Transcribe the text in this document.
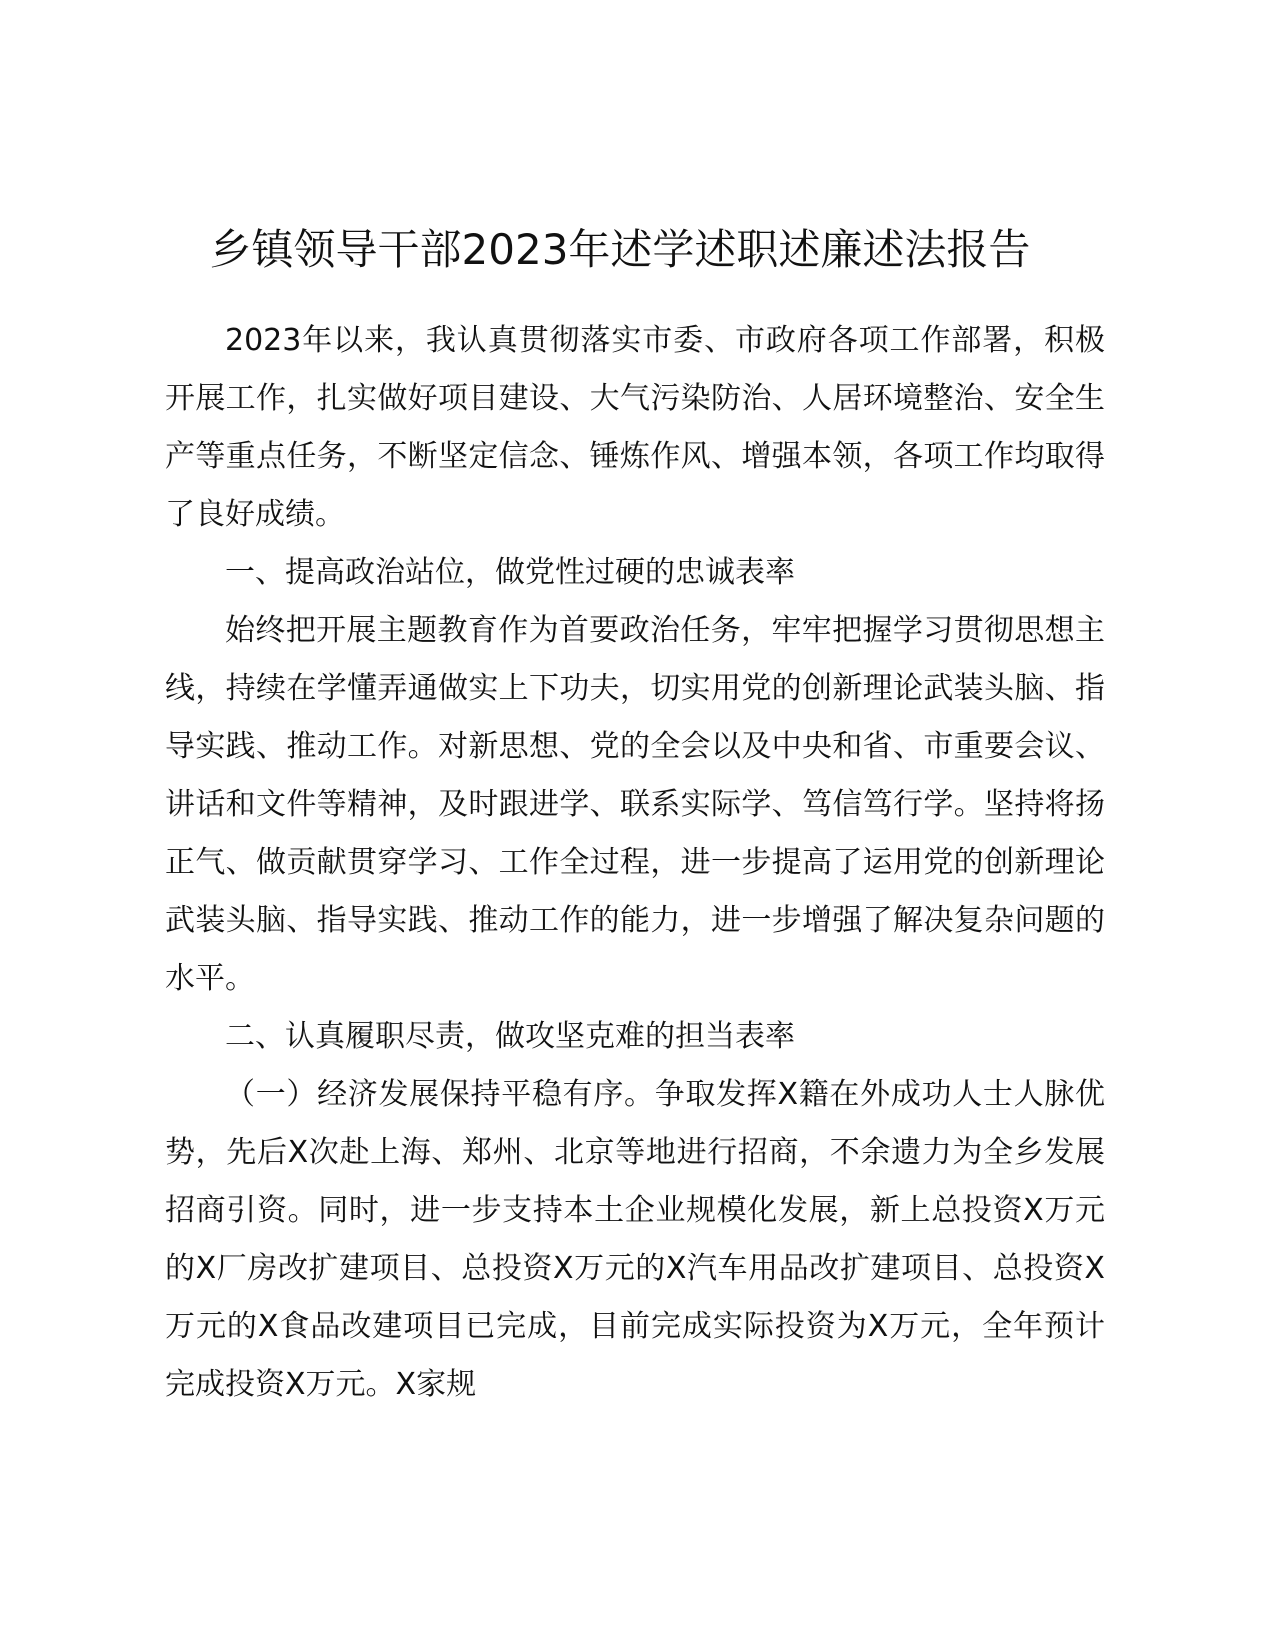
乡镇领导干部2023年述学述职述廉述法报告

2023年以来，我认真贯彻落实市委、市政府各项工作部署，积极开展工作，扎实做好项目建设、大气污染防治、人居环境整治、安全生产等重点任务，不断坚定信念、锤炼作风、增强本领，各项工作均取得了良好成绩。

一、提高政治站位，做党性过硬的忠诚表率

始终把开展主题教育作为首要政治任务，牢牢把握学习贯彻思想主线，持续在学懂弄通做实上下功夫，切实用党的创新理论武装头脑、指导实践、推动工作。对新思想、党的全会以及中央和省、市重要会议、讲话和文件等精神，及时跟进学、联系实际学、笃信笃行学。坚持将扬正气、做贡献贯穿学习、工作全过程，进一步提高了运用党的创新理论武装头脑、指导实践、推动工作的能力，进一步增强了解决复杂问题的水平。

二、认真履职尽责，做攻坚克难的担当表率

（一）经济发展保持平稳有序。争取发挥X籍在外成功人士人脉优势，先后X次赴上海、郑州、北京等地进行招商，不余遗力为全乡发展招商引资。同时，进一步支持本土企业规模化发展，新上总投资X万元的X厂房改扩建项目、总投资X万元的X汽车用品改扩建项目、总投资X万元的X食品改建项目已完成，目前完成实际投资为X万元，全年预计完成投资X万元。X家规
